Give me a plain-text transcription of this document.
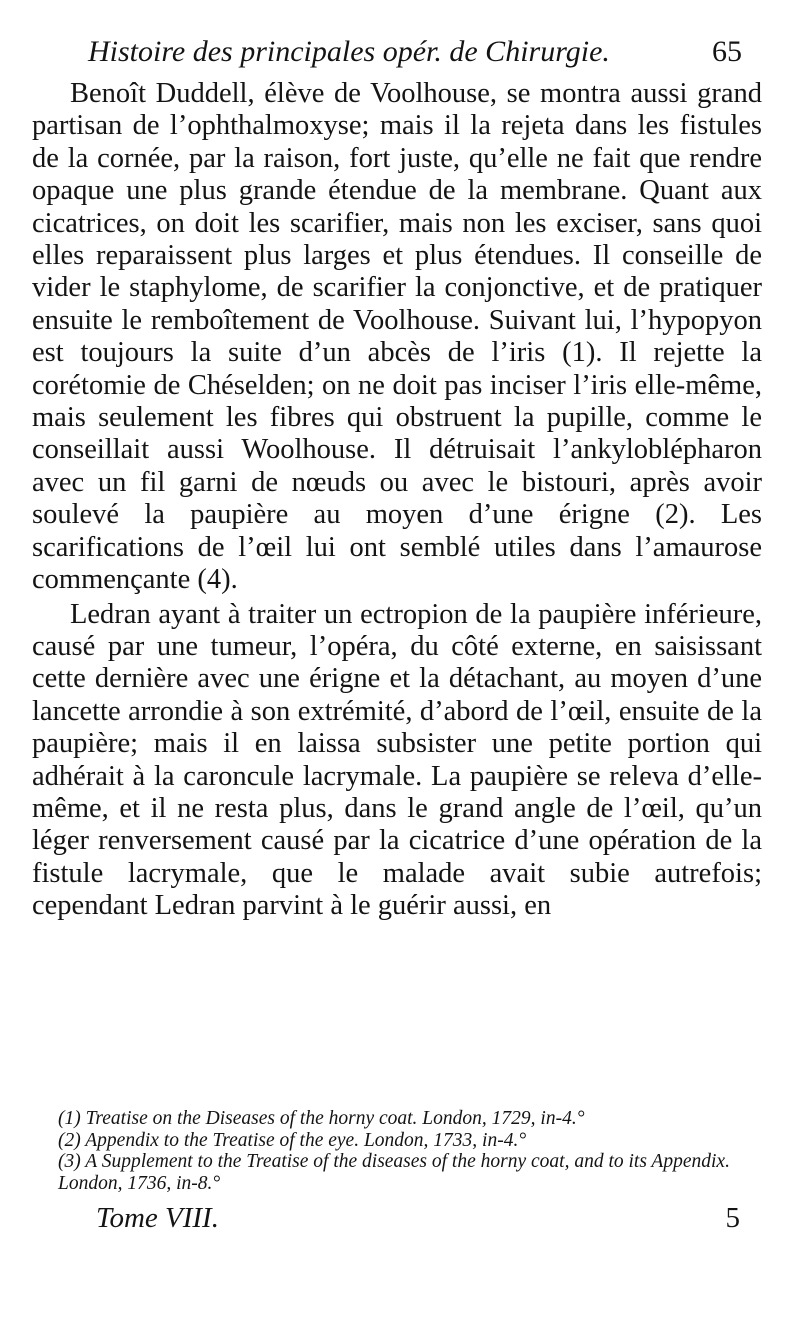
Histoire des principales opér. de Chirurgie.	65

Benoît Duddell, élève de Voolhouse, se montra aussi grand partisan de l’ophthalmoxyse; mais il la rejeta dans les fistules de la cornée, par la raison, fort juste, qu’elle ne fait que rendre opaque une plus grande étendue de la membrane. Quant aux cicatrices, on doit les scarifier, mais non les exciser, sans quoi elles reparaissent plus larges et plus étendues. Il conseille de vider le staphylome, de scarifier la conjonctive, et de pratiquer ensuite le remboîtement de Voolhouse. Suivant lui, l’hypopyon est toujours la suite d’un abcès de l’iris (1). Il rejette la corétomie de Chéselden; on ne doit pas inciser l’iris elle-même, mais seulement les fibres qui obstruent la pupille, comme le conseillait aussi Woolhouse. Il détruisait l’ankyloblépharon avec un fil garni de nœuds ou avec le bistouri, après avoir soulevé la paupière au moyen d’une érigne (2). Les scarifications de l’œil lui ont semblé utiles dans l’amaurose commençante (4).

Ledran ayant à traiter un ectropion de la paupière inférieure, causé par une tumeur, l’opéra, du côté externe, en saisissant cette dernière avec une érigne et la détachant, au moyen d’une lancette arrondie à son extrémité, d’abord de l’œil, ensuite de la paupière; mais il en laissa subsister une petite portion qui adhérait à la caroncule lacrymale. La paupière se releva d’elle-même, et il ne resta plus, dans le grand angle de l’œil, qu’un léger renversement causé par la cicatrice d’une opération de la fistule lacrymale, que le malade avait subie autrefois; cependant Ledran parvint à le guérir aussi, en

(1) Treatise on the Diseases of the horny coat. London, 1729, in-4.°

(2) Appendix to the Treatise of the eye. London, 1733, in-4.°

(3) A Supplement to the Treatise of the diseases of the horny coat, and to its Appendix. London, 1736, in-8.°

Tome VIII.	5
